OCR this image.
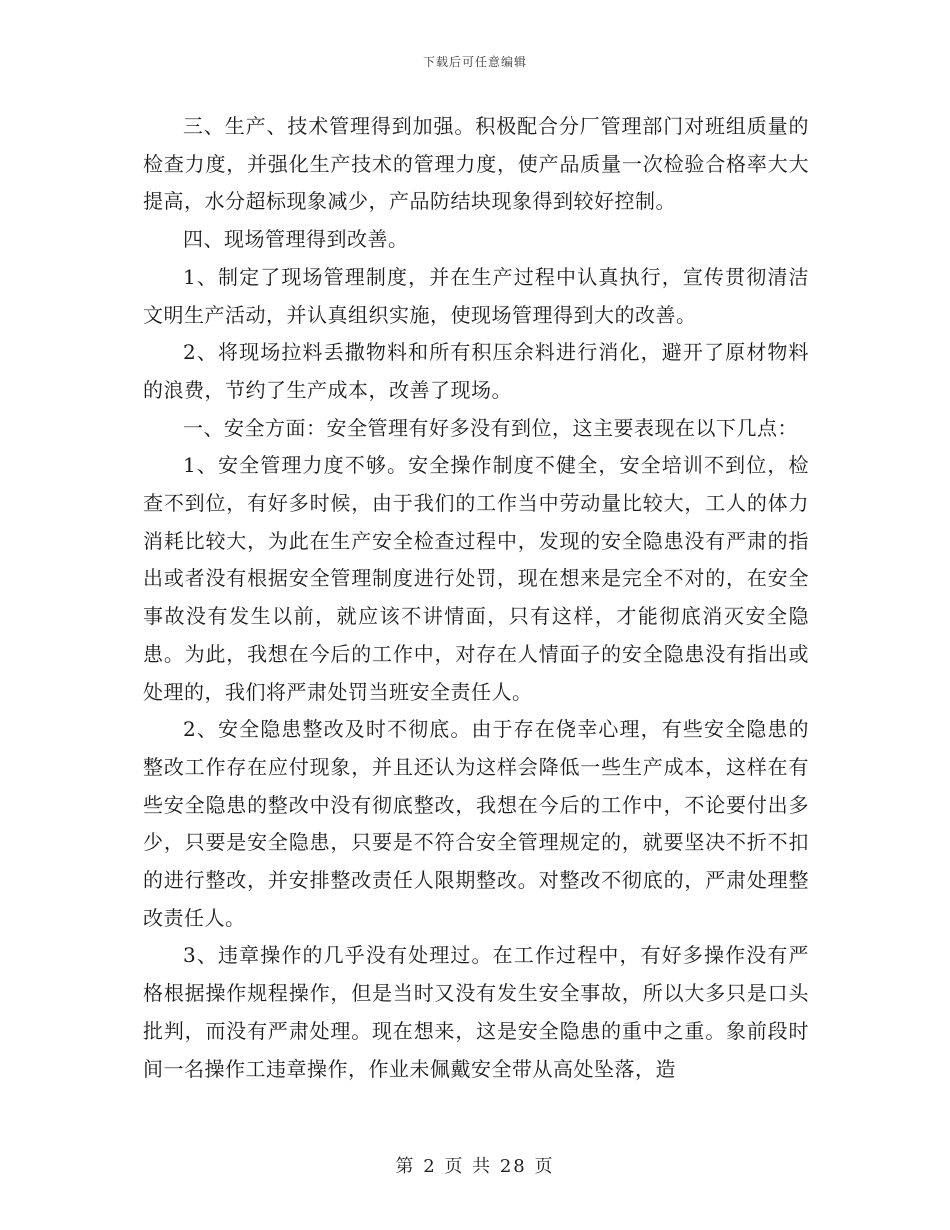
下载后可任意编辑

三、生产、技术管理得到加强。积极配合分厂管理部门对班组质量的检查力度，并强化生产技术的管理力度，使产品质量一次检验合格率大大提高，水分超标现象减少，产品防结块现象得到较好控制。

四、现场管理得到改善。

1、制定了现场管理制度，并在生产过程中认真执行，宣传贯彻清洁文明生产活动，并认真组织实施，使现场管理得到大的改善。

2、将现场拉料丢撒物料和所有积压余料进行消化，避开了原材物料的浪费，节约了生产成本，改善了现场。

一、安全方面：安全管理有好多没有到位，这主要表现在以下几点：

1、安全管理力度不够。安全操作制度不健全，安全培训不到位，检查不到位，有好多时候，由于我们的工作当中劳动量比较大，工人的体力消耗比较大，为此在生产安全检查过程中，发现的安全隐患没有严肃的指出或者没有根据安全管理制度进行处罚，现在想来是完全不对的，在安全事故没有发生以前，就应该不讲情面，只有这样，才能彻底消灭安全隐患。为此，我想在今后的工作中，对存在人情面子的安全隐患没有指出或处理的，我们将严肃处罚当班安全责任人。

2、安全隐患整改及时不彻底。由于存在侥幸心理，有些安全隐患的整改工作存在应付现象，并且还认为这样会降低一些生产成本，这样在有些安全隐患的整改中没有彻底整改，我想在今后的工作中，不论要付出多少，只要是安全隐患，只要是不符合安全管理规定的，就要坚决不折不扣的进行整改，并安排整改责任人限期整改。对整改不彻底的，严肃处理整改责任人。

3、违章操作的几乎没有处理过。在工作过程中，有好多操作没有严格根据操作规程操作，但是当时又没有发生安全事故，所以大多只是口头批判，而没有严肃处理。现在想来，这是安全隐患的重中之重。象前段时间一名操作工违章操作，作业未佩戴安全带从高处坠落，造

第 2 页 共 28 页
